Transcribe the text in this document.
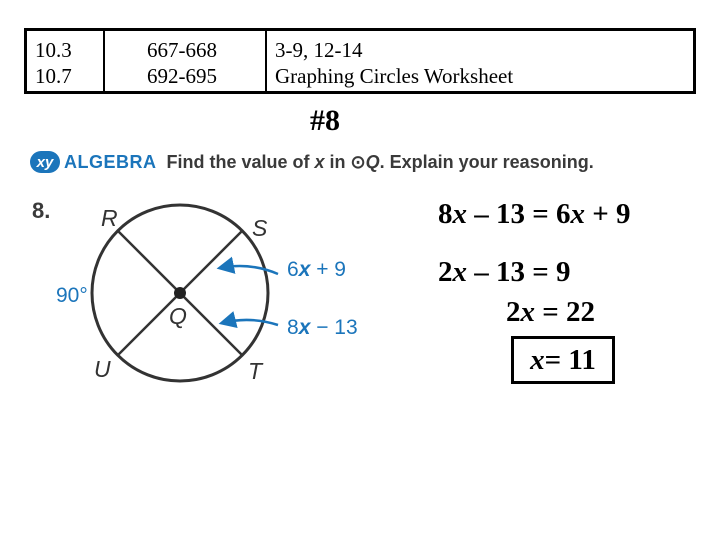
10.3
10.7
667-668
692-695
3-9, 12-14
Graphing Circles Worksheet
#8
xy ALGEBRA Find the value of x in ⊙Q. Explain your reasoning.
8. R	S
U	T
Q
90°
6x + 9
8x − 13
8x – 13 = 6x + 9
2x – 13 = 9
2x = 22
x = 11
